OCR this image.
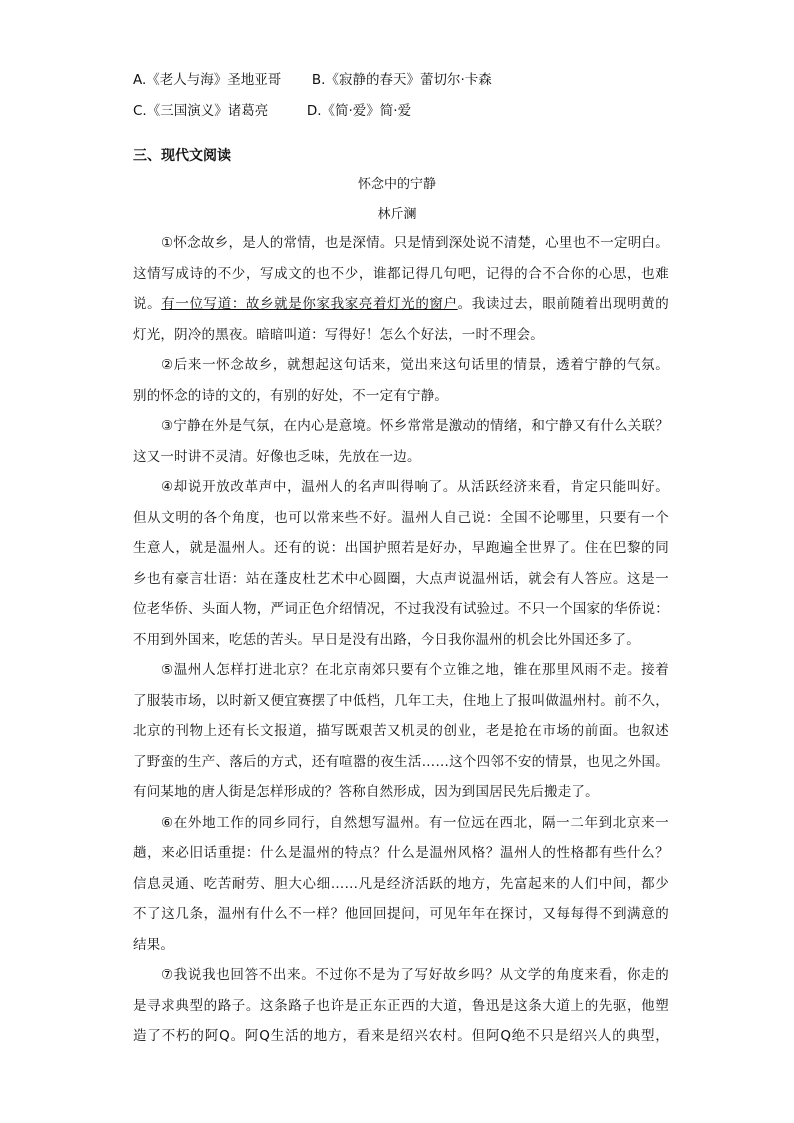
A.《老人与海》圣地亚哥 B.《寂静的春天》蕾切尔·卡森
C.《三国演义》诸葛亮	D.《简·爱》简·爱
三、现代文阅读
怀念中的宁静
林斤澜
①怀念故乡，是人的常情，也是深情。只是情到深处说不清楚，心里也不一定明白。
这情写成诗的不少，写成文的也不少，谁都记得几句吧，记得的合不合你的心思，也难
说。有一位写道：故乡就是你家我家亮着灯光的窗户。我读过去，眼前随着出现明黄的
灯光，阴冷的黑夜。暗暗叫道：写得好！怎么个好法，一时不理会。
②后来一怀念故乡，就想起这句话来，觉出来这句话里的情景，透着宁静的气氛。
别的怀念的诗的文的，有别的好处，不一定有宁静。
③宁静在外是气氛，在内心是意境。怀乡常常是激动的情绪，和宁静又有什么关联？
这又一时讲不灵清。好像也乏味，先放在一边。
④却说开放改革声中，温州人的名声叫得响了。从活跃经济来看，肯定只能叫好。
但从文明的各个角度，也可以常来些不好。温州人自己说：全国不论哪里，只要有一个
生意人，就是温州人。还有的说：出国护照若是好办，早跑遍全世界了。住在巴黎的同
乡也有豪言壮语：站在蓬皮杜艺术中心圆圈，大点声说温州话，就会有人答应。这是一
位老华侨、头面人物，严词正色介绍情况，不过我没有试验过。不只一个国家的华侨说：
不用到外国来，吃恁的苦头。早日是没有出路，今日我你温州的机会比外国还多了。
⑤温州人怎样打进北京？在北京南郊只要有个立锥之地，锥在那里风雨不走。接着
了服装市场，以时新又便宜赛摆了中低档，几年工夫，住地上了报叫做温州村。前不久，
北京的刊物上还有长文报道，描写既艰苦又机灵的创业，老是抢在市场的前面。也叙述
了野蛮的生产、落后的方式，还有喧嚣的夜生活……这个四邻不安的情景，也见之外国。
有问某地的唐人街是怎样形成的？答称自然形成，因为到国居民先后搬走了。
⑥在外地工作的同乡同行，自然想写温州。有一位远在西北，隔一二年到北京来一
趟，来必旧话重提：什么是温州的特点？什么是温州风格？温州人的性格都有些什么？
信息灵通、吃苦耐劳、胆大心细……凡是经济活跃的地方，先富起来的人们中间，都少
不了这几条，温州有什么不一样？他回回提问，可见年年在探讨，又每每得不到满意的
结果。
⑦我说我也回答不出来。不过你不是为了写好故乡吗？从文学的角度来看，你走的
是寻求典型的路子。这条路子也许是正东正西的大道，鲁迅是这条大道上的先驱，他塑
造了不朽的阿Q。阿Q生活的地方，看来是绍兴农村。但阿Q绝不只是绍兴人的典型，
